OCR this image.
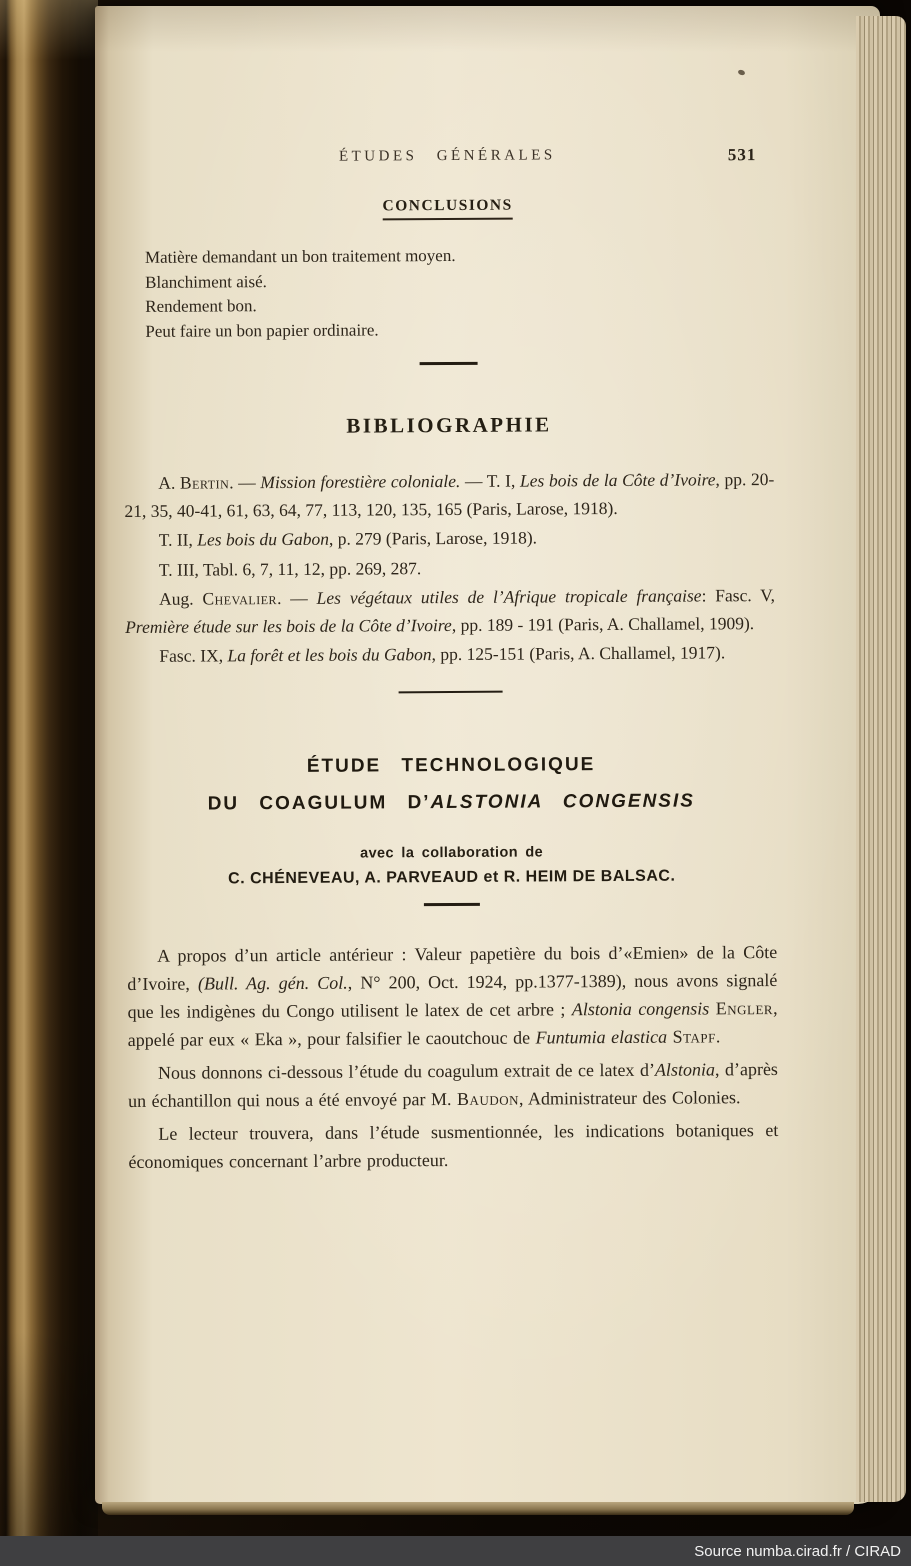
ÉTUDES GÉNÉRALES	531
CONCLUSIONS
Matière demandant un bon traitement moyen.
Blanchiment aisé.
Rendement bon.
Peut faire un bon papier ordinaire.
BIBLIOGRAPHIE

A. Bertin. — Mission forestière coloniale. — T. I, Les bois de la Côte d’Ivoire, pp. 20-21, 35, 40-41, 61, 63, 64, 77, 113, 120, 135, 165 (Paris, Larose, 1918).

T. II, Les bois du Gabon, p. 279 (Paris, Larose, 1918).

T. III, Tabl. 6, 7, 11, 12, pp. 269, 287.

Aug. Chevalier. — Les végétaux utiles de l’Afrique tropicale française: Fasc. V, Première étude sur les bois de la Côte d’Ivoire, pp. 189 - 191 (Paris, A. Challamel, 1909).

Fasc. IX, La forêt et les bois du Gabon, pp. 125-151 (Paris, A. Challamel, 1917).

ÉTUDE TECHNOLOGIQUE
DU COAGULUM D’ALSTONIA CONGENSIS
avec la collaboration de
C. CHÉNEVEAU, A. PARVEAUD et R. HEIM DE BALSAC.

A propos d’un article antérieur : Valeur papetière du bois d’«Emien» de la Côte d’Ivoire, (Bull. Ag. gén. Col., N° 200, Oct. 1924, pp.1377-1389), nous avons signalé que les indigènes du Congo utilisent le latex de cet arbre ; Alstonia congensis Engler, appelé par eux « Eka », pour falsifier le caoutchouc de Funtumia elastica Stapf.

Nous donnons ci-dessous l’étude du coagulum extrait de ce latex d’Alstonia, d’après un échantillon qui nous a été envoyé par M. Baudon, Administrateur des Colonies.

Le lecteur trouvera, dans l’étude susmentionnée, les indications botaniques et économiques concernant l’arbre producteur.

Source numba.cirad.fr / CIRAD
